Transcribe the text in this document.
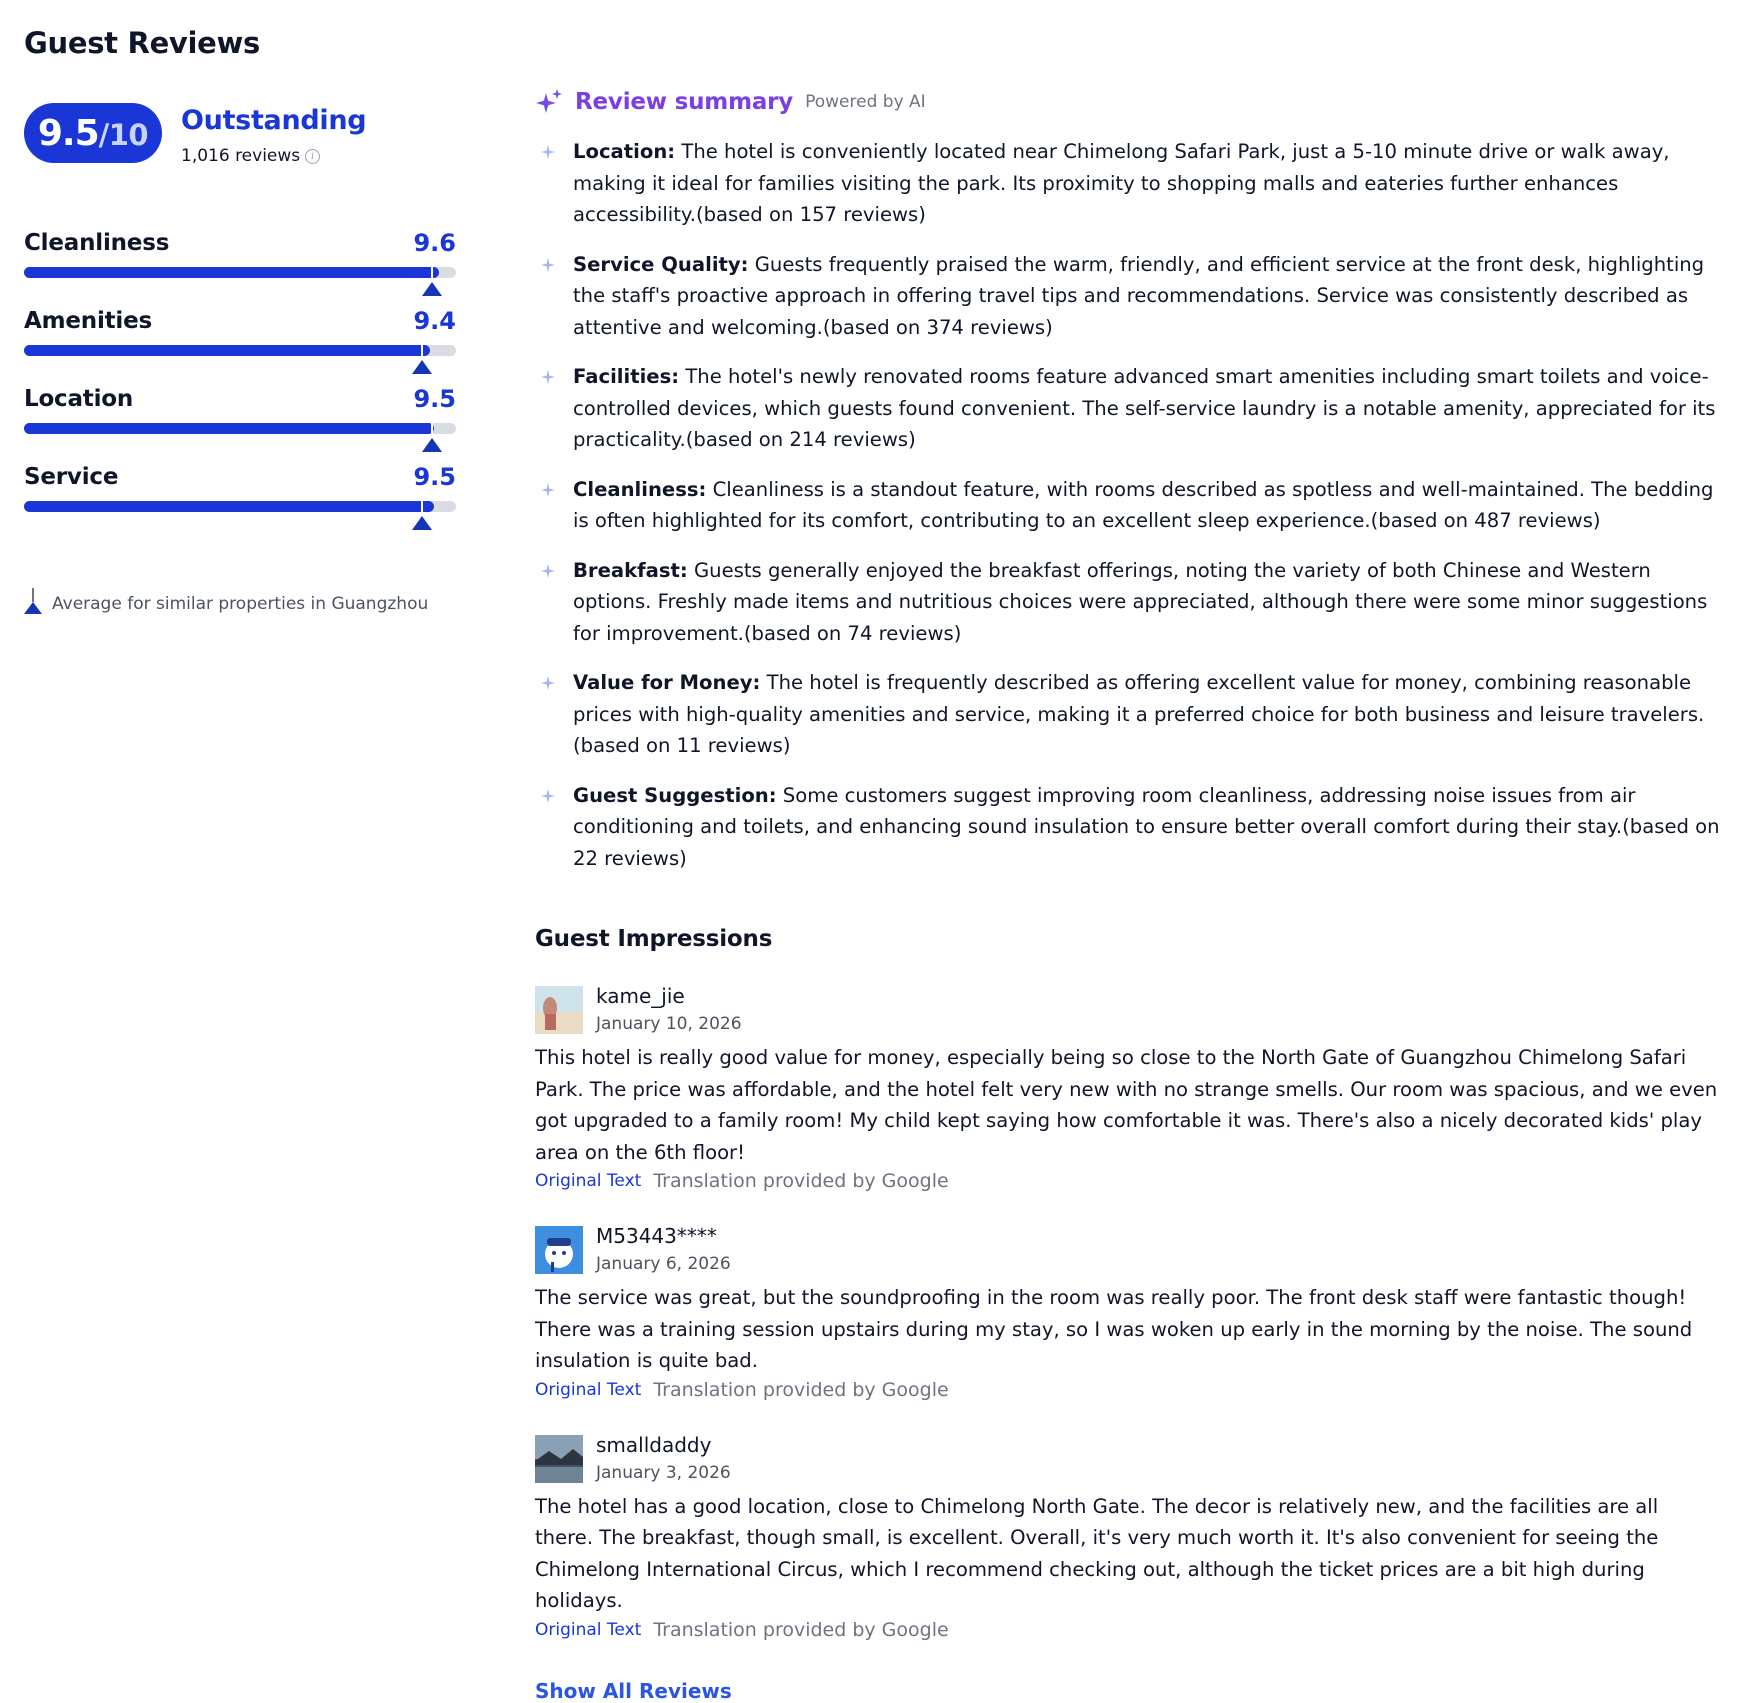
Guest Reviews
9.5 /10 Outstanding
1,016 reviews	i
Cleanliness	9.6
Amenities	9.4
Location	9.5
Service	9.5
Average for similar properties in Guangzhou
Review summary Powered by AI
Location: The hotel is conveniently located near Chimelong Safari Park, just a 5-10 minute drive or walk away, making it ideal for families visiting the park. Its proximity to shopping malls and eateries further enhances accessibility.(based on 157 reviews)
Service Quality: Guests frequently praised the warm, friendly, and efficient service at the front desk, highlighting the staff's proactive approach in offering travel tips and recommendations. Service was consistently described as attentive and welcoming.(based on 374 reviews)
Facilities: The hotel's newly renovated rooms feature advanced smart amenities including smart toilets and voice-controlled devices, which guests found convenient. The self-service laundry is a notable amenity, appreciated for its practicality.(based on 214 reviews)
Cleanliness: Cleanliness is a standout feature, with rooms described as spotless and well-maintained. The bedding is often highlighted for its comfort, contributing to an excellent sleep experience.(based on 487 reviews)
Breakfast: Guests generally enjoyed the breakfast offerings, noting the variety of both Chinese and Western options. Freshly made items and nutritious choices were appreciated, although there were some minor suggestions for improvement.(based on 74 reviews)
Value for Money: The hotel is frequently described as offering excellent value for money, combining reasonable prices with high-quality amenities and service, making it a preferred choice for both business and leisure travelers.(based on 11 reviews)
Guest Suggestion: Some customers suggest improving room cleanliness, addressing noise issues from air conditioning and toilets, and enhancing sound insulation to ensure better overall comfort during their stay.(based on 22 reviews)
Guest Impressions
kame_jie
January 10, 2026
This hotel is really good value for money, especially being so close to the North Gate of Guangzhou Chimelong Safari Park. The price was affordable, and the hotel felt very new with no strange smells. Our room was spacious, and we even got upgraded to a family room! My child kept saying how comfortable it was. There's also a nicely decorated kids' play area on the 6th floor!
Original Text Translation provided by Google
M53443****
January 6, 2026
The service was great, but the soundproofing in the room was really poor. The front desk staff were fantastic though! There was a training session upstairs during my stay, so I was woken up early in the morning by the noise. The sound insulation is quite bad.
Original Text Translation provided by Google
smalldaddy
January 3, 2026
The hotel has a good location, close to Chimelong North Gate. The decor is relatively new, and the facilities are all there. The breakfast, though small, is excellent. Overall, it's very much worth it. It's also convenient for seeing the Chimelong International Circus, which I recommend checking out, although the ticket prices are a bit high during holidays.
Original Text Translation provided by Google
Show All Reviews
